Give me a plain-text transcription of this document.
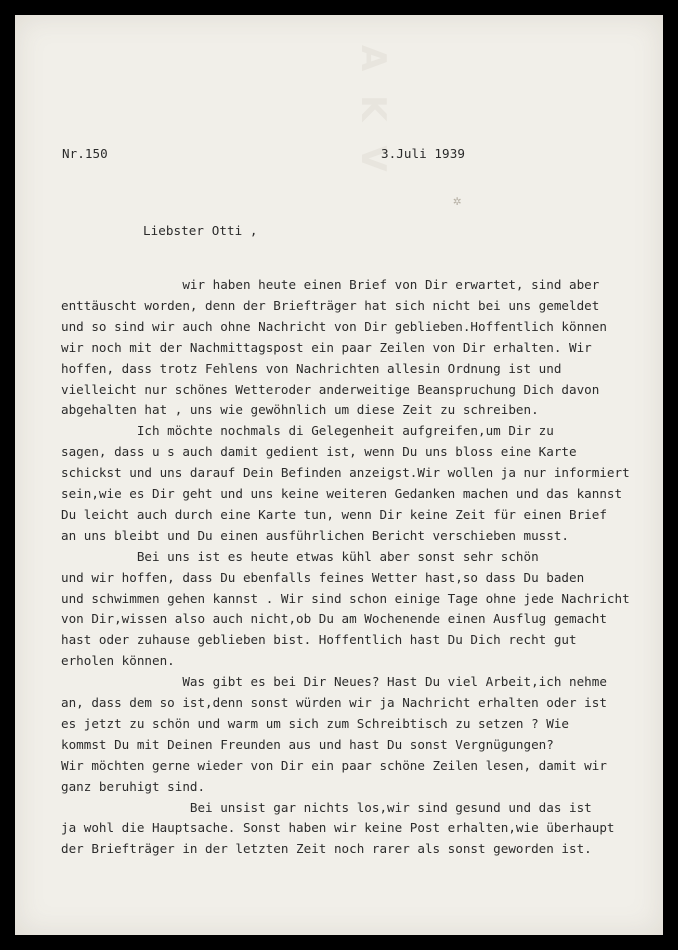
A K V
✲
Nr.150	3.Juli 1939
Liebster Otti ,
wir haben heute einen Brief von Dir erwartet, sind aber
enttäuscht worden, denn der Briefträger hat sich nicht bei uns gemeldet
und so sind wir auch ohne Nachricht von Dir geblieben.Hoffentlich können
wir noch mit der Nachmittagspost ein paar Zeilen von Dir erhalten. Wir
hoffen, dass trotz Fehlens von Nachrichten allesin Ordnung ist und
vielleicht nur schönes Wetteroder anderweitige Beanspruchung Dich davon
abgehalten hat , uns wie gewöhnlich um diese Zeit zu schreiben.
Ich möchte nochmals di Gelegenheit aufgreifen,um Dir zu
sagen, dass u s auch damit gedient ist, wenn Du uns bloss eine Karte
schickst und uns darauf Dein Befinden anzeigst.Wir wollen ja nur informiert
sein,wie es Dir geht und uns keine weiteren Gedanken machen und das kannst
Du leicht auch durch eine Karte tun, wenn Dir keine Zeit für einen Brief
an uns bleibt und Du einen ausführlichen Bericht verschieben musst.
Bei uns ist es heute etwas kühl aber sonst sehr schön
und wir hoffen, dass Du ebenfalls feines Wetter hast,so dass Du baden
und schwimmen gehen kannst . Wir sind schon einige Tage ohne jede Nachricht
von Dir,wissen also auch nicht,ob Du am Wochenende einen Ausflug gemacht
hast oder zuhause geblieben bist. Hoffentlich hast Du Dich recht gut
erholen können.
Was gibt es bei Dir Neues? Hast Du viel Arbeit,ich nehme
an, dass dem so ist,denn sonst würden wir ja Nachricht erhalten oder ist
es jetzt zu schön und warm um sich zum Schreibtisch zu setzen ? Wie
kommst Du mit Deinen Freunden aus und hast Du sonst Vergnügungen?
Wir möchten gerne wieder von Dir ein paar schöne Zeilen lesen, damit wir
ganz beruhigt sind.
Bei unsist gar nichts los,wir sind gesund und das ist
ja wohl die Hauptsache. Sonst haben wir keine Post erhalten,wie überhaupt
der Briefträger in der letzten Zeit noch rarer als sonst geworden ist.
